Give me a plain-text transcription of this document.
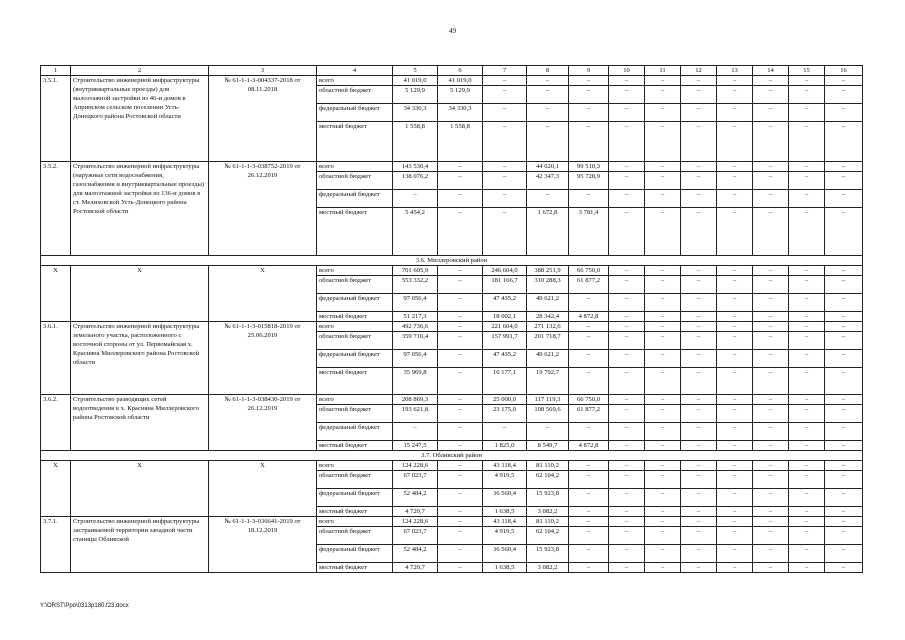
49
1	2	3	4	5	6	7	8	9	10	11	12	13	14	15	16
3.5.1.	Строительство инженерной инфраструктуры (внутриквартальные проезды) для малоэтажной застройки из 46-и домов в Апринском сельском поселении Усть-Донецкого района Ростовской области	№ 61-1-1-3-004337-2018 от 08.11.2018	всего	41 019,0	41 019,0	–	–	–	–	–	–	–	–	–	–
			областной бюджет	5 129,9	5 129,9	–	–	–	–	–	–	–	–	–	–
			федеральный бюджет	34 330,3	34 330,3	–	–	–	–	–	–	–	–	–	–
			местный бюджет	1 558,8	1 558,8	–	–	–	–	–	–	–	–	–	–
3.5.2.	Строительство инженерной инфраструктуры (наружные сети водоснабжения, газоснабжения и внутриквартальные проезды) для малоэтажной застройки из 136-и домов в ст. Мелиховской Усть-Донецкого района Ростовской области	№ 61-1-1-3-038752-2019 от 26.12.2019	всего	143 530,4	–	–	44 020,1	99 510,3	–	–	–	–	–	–	–
			областной бюджет	138 076,2	–	–	42 347,3	95 728,9	–	–	–	–	–	–	–
			федеральный бюджет	–	–	–	–	–	–	–	–	–	–	–	–
			местный бюджет	5 454,2	–	–	1 672,8	3 781,4	–	–	–	–	–	–	–
3.6. Миллеровский район															
Х	Х	Х	всего	701 605,9	–	246 604,0	388 251,9	66 750,0	–	–	–	–	–	–	–
			областной бюджет	553 332,2	–	181 166,7	310 288,3	61 877,2	–	–	–	–	–	–	–
			федеральный бюджет	97 056,4	–	47 435,2	49 621,2	–	–	–	–	–	–	–	–
			местный бюджет	51 217,3	–	18 002,1	28 342,4	4 872,8	–	–	–	–	–	–	–
3.6.1.	Строительство инженерной инфраструктуры земельного участка, расположенного с восточной стороны от ул. Первомайская х. Красняна Миллеровского района Ростовской области	№ 61-1-1-3-015818-2019 от 25.06.2019	всего	492 736,6	–	221 604,0	271 132,6	–	–	–	–	–	–	–	–
			областной бюджет	359 710,4	–	157 991,7	201 718,7	–	–	–	–	–	–	–	–
			федеральный бюджет	97 056,4	–	47 435,2	49 621,2	–	–	–	–	–	–	–	–
			местный бюджет	35 969,8	–	16 177,1	19 792,7	–	–	–	–	–	–	–	–
3.6.2.	Строительство разводящих сетей водоотведения в х. Красняна Миллеровского района Ростовской области	№ 61-1-1-3-038430-2019 от 26.12.2019	всего	208 869,3	–	25 000,0	117 119,3	66 750,0	–	–	–	–	–	–	–
			областной бюджет	193 621,8	–	23 175,0	108 569,6	61 877,2	–	–	–	–	–	–	–
			федеральный бюджет	–	–	–	–	–	–	–	–	–	–	–	–
			местный бюджет	15 247,5	–	1 825,0	8 549,7	4 872,8	–	–	–	–	–	–	–
3.7. Обливский район															
Х	Х	Х	всего	124 228,6	–	43 118,4	81 110,2	–	–	–	–	–	–	–	–
			областной бюджет	67 023,7	–	4 919,5	62 104,2	–	–	–	–	–	–	–	–
			федеральный бюджет	52 484,2	–	36 560,4	15 923,8	–	–	–	–	–	–	–	–
			местный бюджет	4 720,7	–	1 638,5	3 082,2	–	–	–	–	–	–	–	–
3.7.1.	Строительство инженерной инфраструктуры застраиваемой территории западной части станицы Обливской	№ 61-1-1-3-036641-2019 от 18.12.2019	всего	124 228,6	–	43 118,4	81 110,2	–	–	–	–	–	–	–	–
			областной бюджет	67 023,7	–	4 919,5	62 104,2	–	–	–	–	–	–	–	–
			федеральный бюджет	52 484,2	–	36 560,4	15 923,8	–	–	–	–	–	–	–	–
			местный бюджет	4 720,7	–	1 638,5	3 082,2	–	–	–	–	–	–	–	–
Y:\ORST\Ppo\0313p180.f23.docx
